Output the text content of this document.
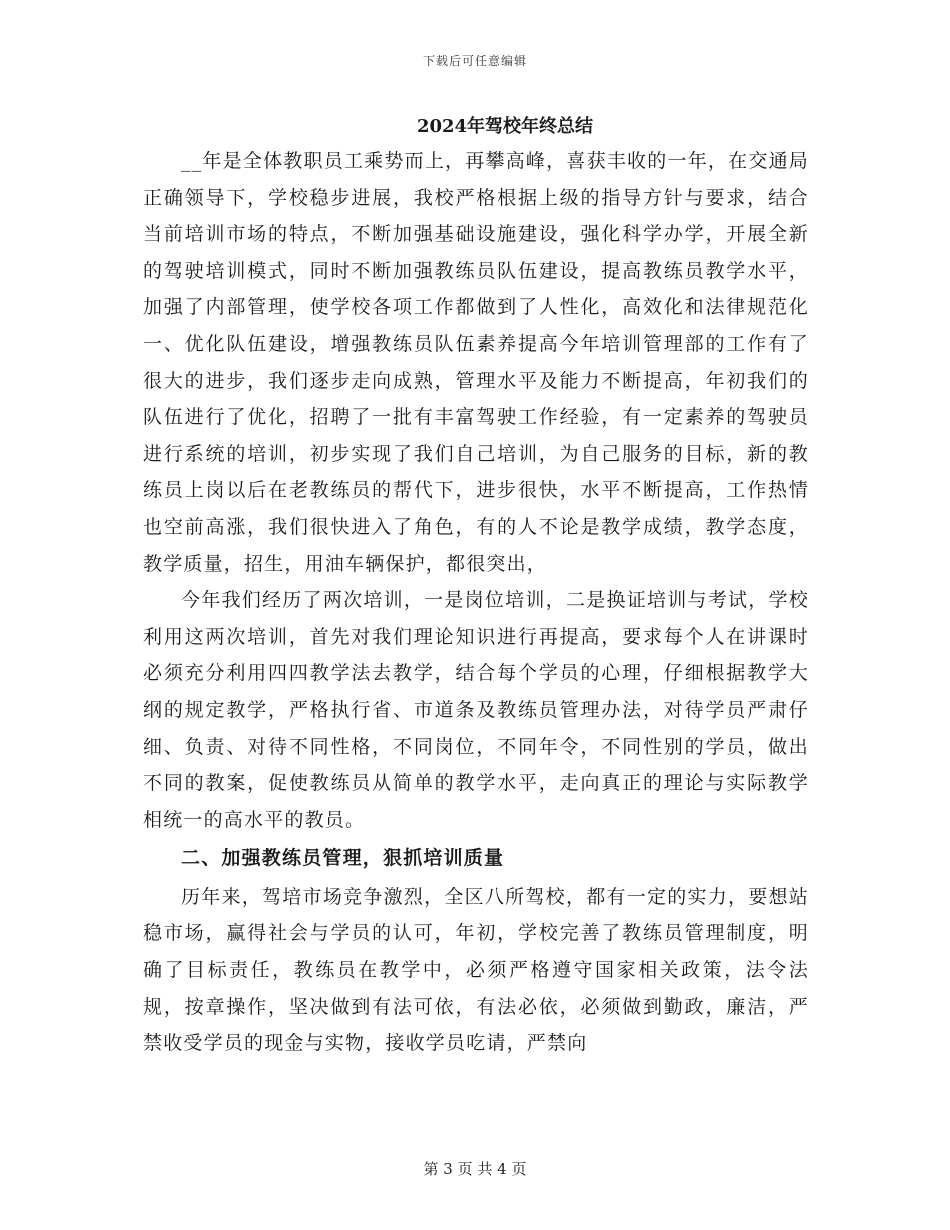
下载后可任意编辑
2024年驾校年终总结

__年是全体教职员工乘势而上，再攀高峰，喜获丰收的一年，在交通局正确领导下，学校稳步进展，我校严格根据上级的指导方针与要求，结合当前培训市场的特点，不断加强基础设施建设，强化科学办学，开展全新的驾驶培训模式，同时不断加强教练员队伍建设，提高教练员教学水平，加强了内部管理，使学校各项工作都做到了人性化，高效化和法律规范化一、优化队伍建设，增强教练员队伍素养提高今年培训管理部的工作有了很大的进步，我们逐步走向成熟，管理水平及能力不断提高，年初我们的队伍进行了优化，招聘了一批有丰富驾驶工作经验，有一定素养的驾驶员进行系统的培训，初步实现了我们自己培训，为自己服务的目标，新的教练员上岗以后在老教练员的帮代下，进步很快，水平不断提高，工作热情也空前高涨，我们很快进入了角色，有的人不论是教学成绩，教学态度，教学质量，招生，用油车辆保护，都很突出，

今年我们经历了两次培训，一是岗位培训，二是换证培训与考试，学校利用这两次培训，首先对我们理论知识进行再提高，要求每个人在讲课时必须充分利用四四教学法去教学，结合每个学员的心理，仔细根据教学大纲的规定教学，严格执行省、市道条及教练员管理办法，对待学员严肃仔细、负责、对待不同性格，不同岗位，不同年令，不同性别的学员，做出不同的教案，促使教练员从简单的教学水平，走向真正的理论与实际教学相统一的高水平的教员。

二、加强教练员管理，狠抓培训质量

历年来，驾培市场竞争激烈，全区八所驾校，都有一定的实力，要想站稳市场，赢得社会与学员的认可，年初，学校完善了教练员管理制度，明确了目标责任，教练员在教学中，必须严格遵守国家相关政策，法令法规，按章操作，坚决做到有法可依，有法必依，必须做到勤政，廉洁，严禁收受学员的现金与实物，接收学员吃请，严禁向

第 3 页 共 4 页
